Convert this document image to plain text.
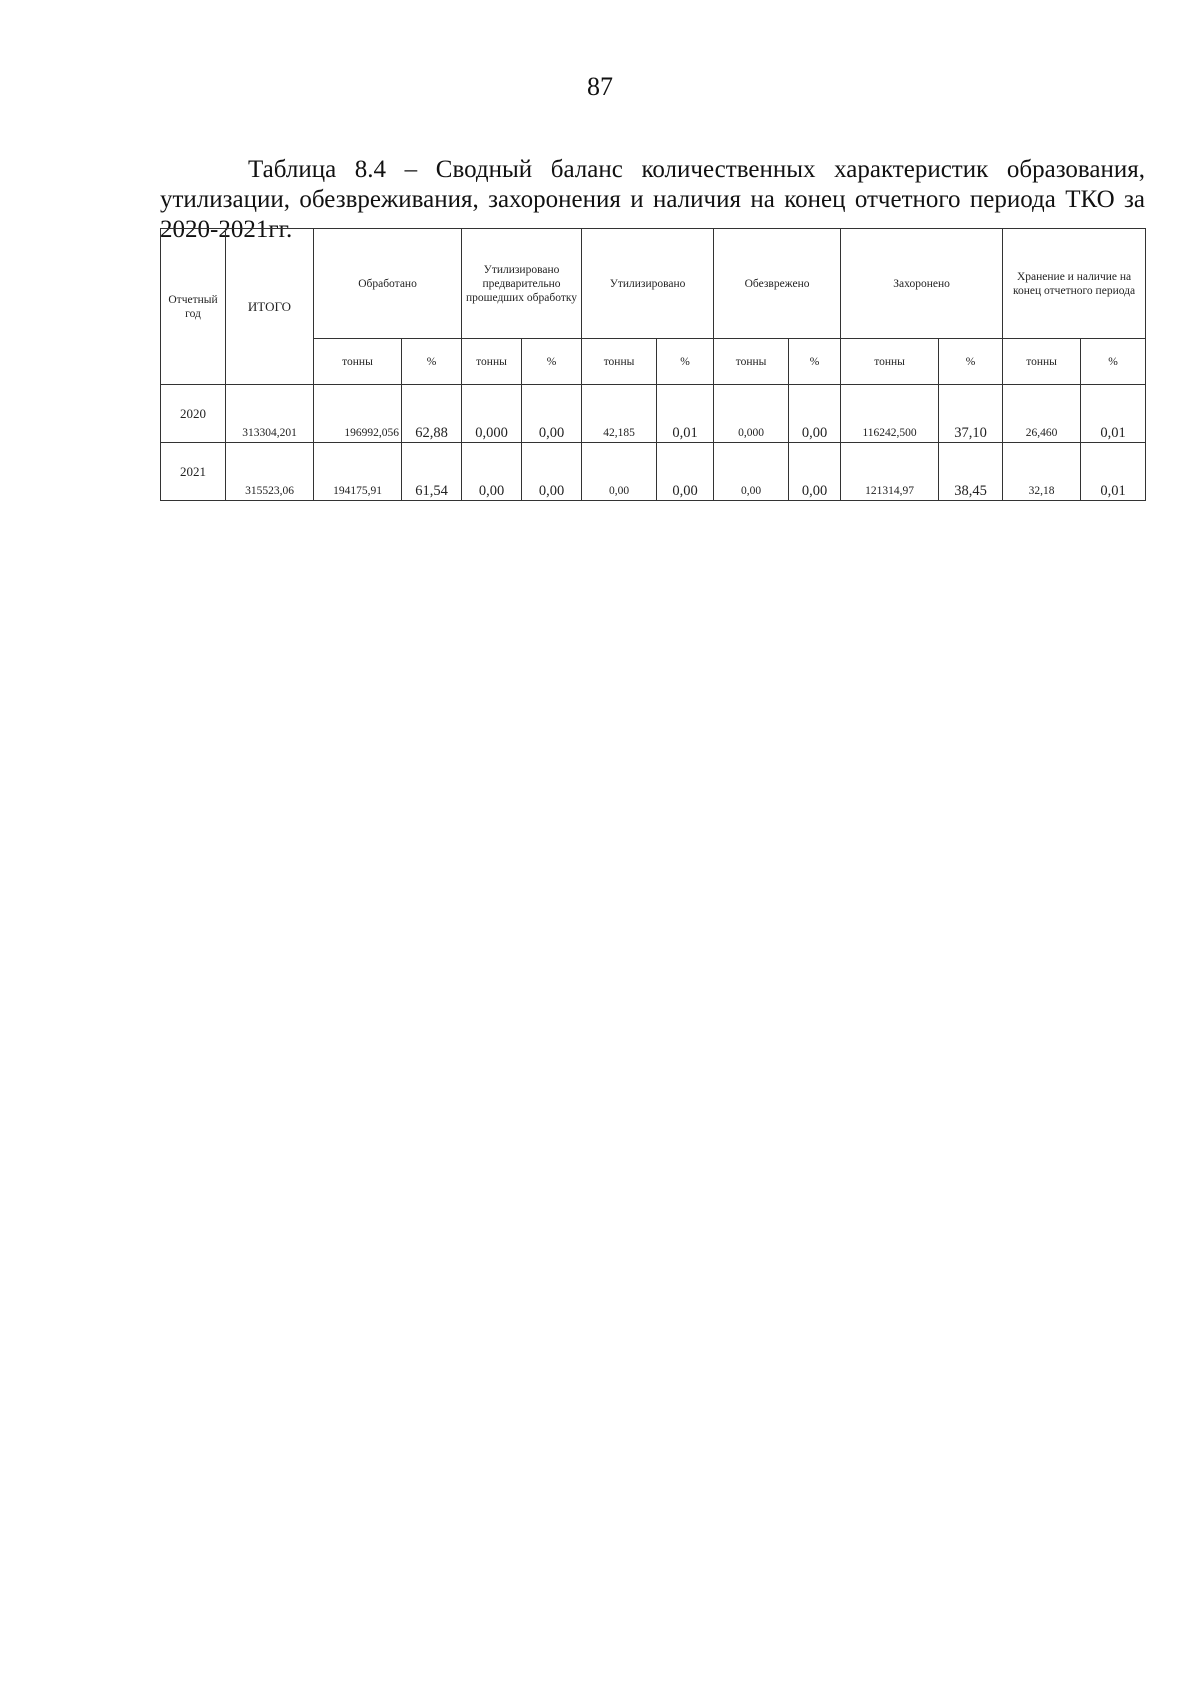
87

Таблица 8.4 – Сводный баланс количественных характеристик образования, утилизации, обезвреживания, захоронения и наличия на конец отчетного периода ТКО за 2020-2021гг.

Отчетный год	ИТОГО	Обработано		Утилизировано предварительно прошедших обработку		Утилизировано		Обезврежено		Захоронено		Хранение и наличие на конец отчетного периода	
		тонны	%	тонны	%	тонны	%	тонны	%	тонны	%	тонны	%
2020	313304,201	196992,056	62,88	0,000	0,00	42,185	0,01	0,000	0,00	116242,500	37,10	26,460	0,01
2021	315523,06	194175,91	61,54	0,00	0,00	0,00	0,00	0,00	0,00	121314,97	38,45	32,18	0,01
